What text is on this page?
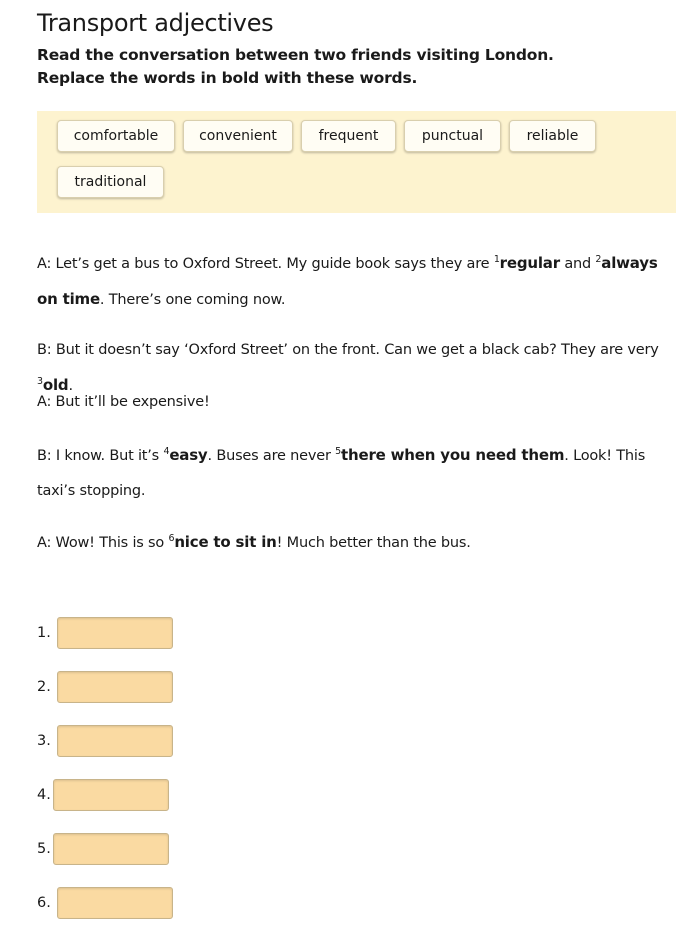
Transport adjectives
Read the conversation between two friends visiting London. Replace the words in bold with these words.
comfortable	convenient	frequent	punctual	reliable
traditional
A: Let’s get a bus to Oxford Street. My guide book says they are $^1$regular and $^2$always on time. There’s one coming now.
B: But it doesn’t say ‘Oxford Street’ on the front. Can we get a black cab? They are very $^3$old.
A: But it’ll be expensive!
B: I know. But it’s $^4$easy. Buses are never $^5$there when you need them. Look! This taxi’s stopping.
A: Wow! This is so $^6$nice to sit in! Much better than the bus.
1.
2.
3.
4.
5.
6.
